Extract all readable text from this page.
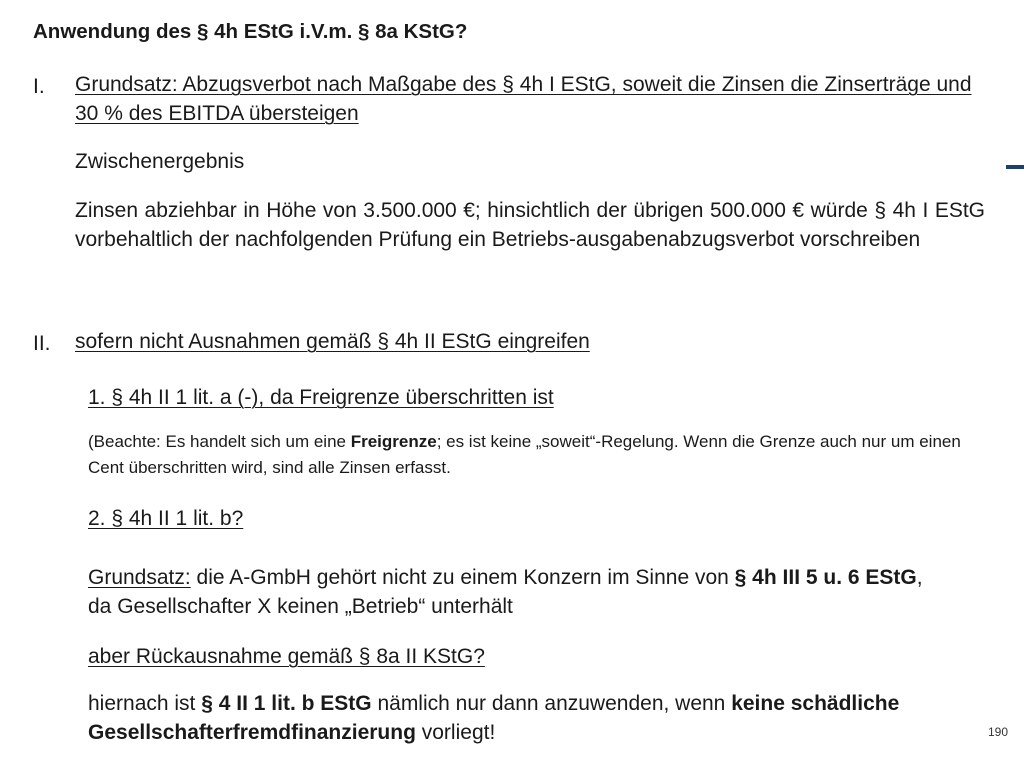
Anwendung des § 4h EStG i.V.m. § 8a KStG?
I. Grundsatz: Abzugsverbot nach Maßgabe des § 4h I EStG, soweit die Zinsen die Zinserträge und 30 % des EBITDA übersteigen
Zwischenergebnis
Zinsen abziehbar in Höhe von 3.500.000 €; hinsichtlich der übrigen 500.000 € würde § 4h I EStG vorbehaltlich der nachfolgenden Prüfung ein Betriebs-ausgabenabzugsverbot vorschreiben
II. sofern nicht Ausnahmen gemäß § 4h II EStG eingreifen
1. § 4h II 1 lit. a (-), da Freigrenze überschritten ist
(Beachte: Es handelt sich um eine Freigrenze; es ist keine „soweit“-Regelung. Wenn die Grenze auch nur um einen Cent überschritten wird, sind alle Zinsen erfasst.
2. § 4h II 1 lit. b?
Grundsatz: die A-GmbH gehört nicht zu einem Konzern im Sinne von § 4h III 5 u. 6 EStG, da Gesellschafter X keinen „Betrieb“ unterhält
aber Rückausnahme gemäß § 8a II KStG?
hiernach ist § 4 II 1 lit. b EStG nämlich nur dann anzuwenden, wenn keine schädliche Gesellschafterfremdfinanzierung vorliegt!	190
